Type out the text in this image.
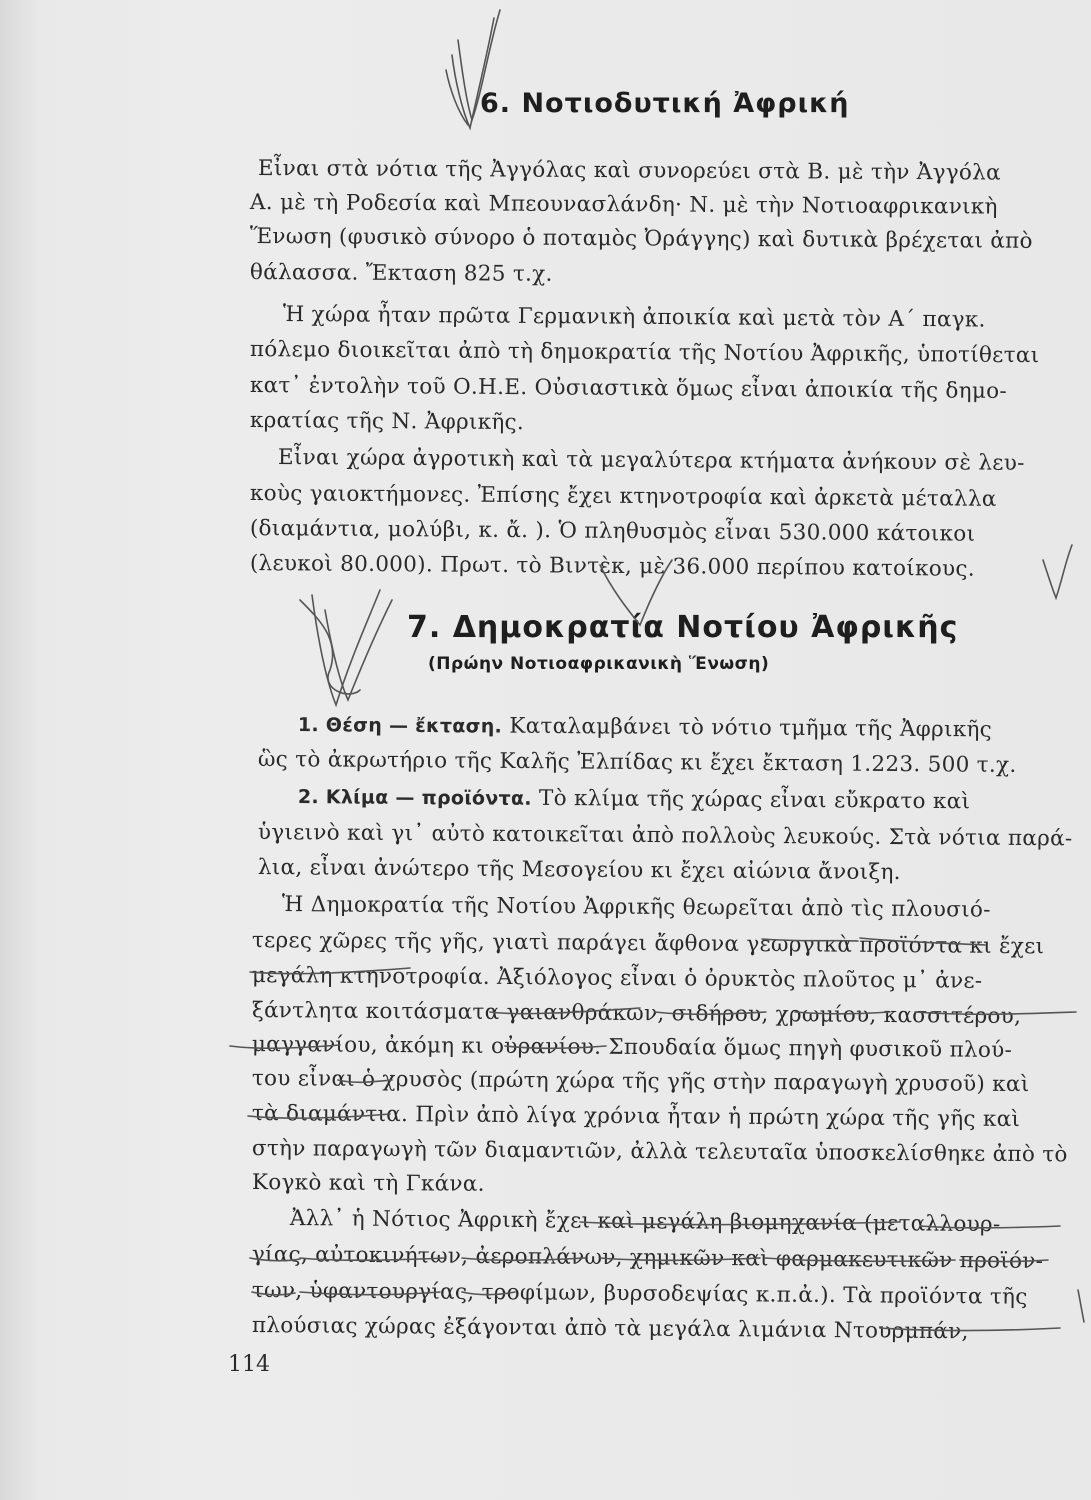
6. Νοτιοδυτική Ἀφρική
Εἶναι στὰ νότια τῆς Ἀγγόλας καὶ συνορεύει στὰ Β. μὲ τὴν Ἀγγόλα
Α. μὲ τὴ Ροδεσία καὶ Μπεουνασλάνδη· Ν. μὲ τὴν Νοτιοαφρικανικὴ
Ἕνωση (φυσικὸ σύνορο ὁ ποταμὸς Ὀράγγης) καὶ δυτικὰ βρέχεται ἀπὸ
θάλασσα. Ἔκταση 825 τ.χ.
Ἡ χώρα ἦταν πρῶτα Γερμανικὴ ἀποικία καὶ μετὰ τὸν Α΄ παγκ.
πόλεμο διοικεῖται ἀπὸ τὴ δημοκρατία τῆς Νοτίου Ἀφρικῆς, ὑποτίθεται
κατ᾽ ἐντολὴν τοῦ Ο.Η.Ε. Οὐσιαστικὰ ὅμως εἶναι ἀποικία τῆς δημο-
κρατίας τῆς Ν. Ἀφρικῆς.
Εἶναι χώρα ἀγροτικὴ καὶ τὰ μεγαλύτερα κτήματα ἀνήκουν σὲ λευ-
κοὺς γαιοκτήμονες. Ἐπίσης ἔχει κτηνοτροφία καὶ ἀρκετὰ μέταλλα
(διαμάντια, μολύβι, κ. ἄ. ). Ὁ πληθυσμὸς εἶναι 530.000 κάτοικοι
(λευκοὶ 80.000). Πρωτ. τὸ Βιντὲκ, μὲ 36.000 περίπου κατοίκους.
7. Δημοκρατία Νοτίου Ἀφρικῆς
(Πρώην Νοτιοαφρικανικὴ Ἕνωση)
1. Θέση — ἔκταση. Καταλαμβάνει τὸ νότιο τμῆμα τῆς Ἀφρικῆς
ὣς τὸ ἀκρωτήριο τῆς Καλῆς Ἐλπίδας κι ἔχει ἔκταση 1.223. 500 τ.χ.
2. Κλίμα — προϊόντα. Τὸ κλίμα τῆς χώρας εἶναι εὔκρατο καὶ
ὑγιεινὸ καὶ γι᾽ αὐτὸ κατοικεῖται ἀπὸ πολλοὺς λευκούς. Στὰ νότια παρά-
λια, εἶναι ἀνώτερο τῆς Μεσογείου κι ἔχει αἰώνια ἄνοιξη.
Ἡ Δημοκρατία τῆς Νοτίου Ἀφρικῆς θεωρεῖται ἀπὸ τὶς πλουσιό-
τερες χῶρες τῆς γῆς, γιατὶ παράγει ἄφθονα γεωργικὰ προϊόντα κι ἔχει
μεγάλη κτηνοτροφία. Ἀξιόλογος εἶναι ὁ ὀρυκτὸς πλοῦτος μ᾽ ἀνε-
ξάντλητα κοιτάσματα γαιανθράκων, σιδήρου, χρωμίου, κασσιτέρου,
μαγγανίου, ἀκόμη κι οὐρανίου. Σπουδαία ὅμως πηγὴ φυσικοῦ πλού-
του εἶναι ὁ χρυσὸς (πρώτη χώρα τῆς γῆς στὴν παραγωγὴ χρυσοῦ) καὶ
τὰ διαμάντια. Πρὶν ἀπὸ λίγα χρόνια ἦταν ἡ πρώτη χώρα τῆς γῆς καὶ
στὴν παραγωγὴ τῶν διαμαντιῶν, ἀλλὰ τελευταῖα ὑποσκελίσθηκε ἀπὸ τὸ
Κογκὸ καὶ τὴ Γκάνα.
Ἀλλ᾽ ἡ Νότιος Ἀφρικὴ ἔχει καὶ μεγάλη βιομηχανία (μεταλλουρ-
γίας, αὐτοκινήτων, ἀεροπλάνων, χημικῶν καὶ φαρμακευτικῶν προϊόν-
των, ὑφαντουργίας, τροφίμων, βυρσοδεψίας κ.π.ἀ.). Τὰ προϊόντα τῆς
πλούσιας χώρας ἐξάγονται ἀπὸ τὰ μεγάλα λιμάνια Ντουρμπάν,
114
